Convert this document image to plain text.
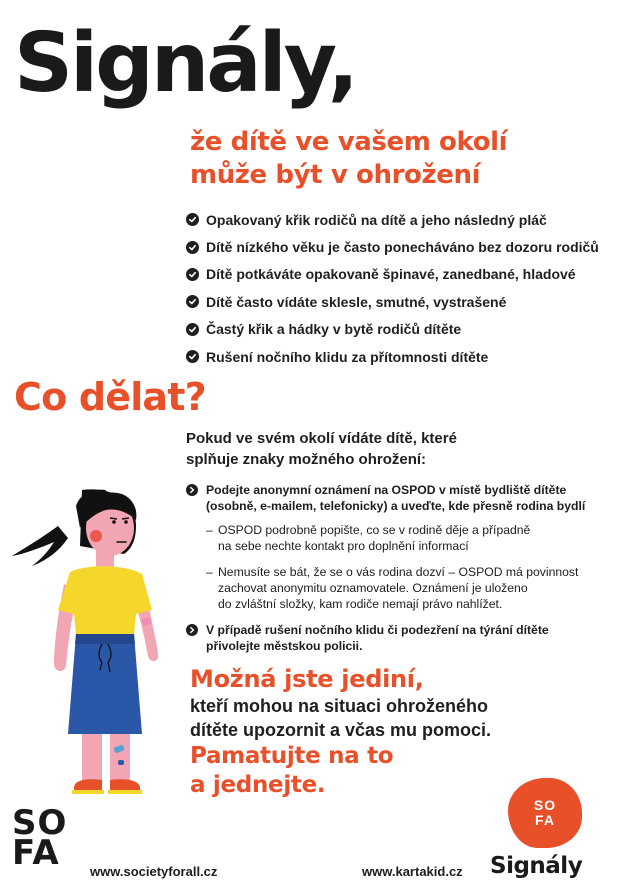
Signály,
že dítě ve vašem okolí
může být v ohrožení
Opakovaný křik rodičů na dítě a jeho následný pláč
Dítě nízkého věku je často ponecháváno bez dozoru rodičů
Dítě potkáváte opakovaně špinavé, zanedbané, hladové
Dítě často vídáte sklesle, smutné, vystrašené
Častý křik a hádky v bytě rodičů dítěte
Rušení nočního klidu za přítomnosti dítěte
Co dělat?
Pokud ve svém okolí vídáte dítě, které
splňuje znaky možného ohrožení:
Podejte anonymní oznámení na OSPOD v místě bydliště dítěte
(osobně, e-mailem, telefonicky) a uveďte, kde přesně rodina bydlí
– OSPOD podrobně popište, co se v rodině děje a případně
na sebe nechte kontakt pro doplnění informací
– Nemusíte se bát, že se o vás rodina dozví – OSPOD má povinnost
zachovat anonymitu oznamovatele. Oznámení je uloženo
do zvláštní složky, kam rodiče nemají právo nahlížet.
V případě rušení nočního klidu či podezření na týrání dítěte
přivolejte městskou policii.
Možná jste jediní,
kteří mohou na situaci ohroženého
dítěte upozornit a včas mu pomoci.
Pamatujte na to
a jednejte.
SO
FA	www.societyforall.cz	www.kartakid.cz
SO
FA
Signály
